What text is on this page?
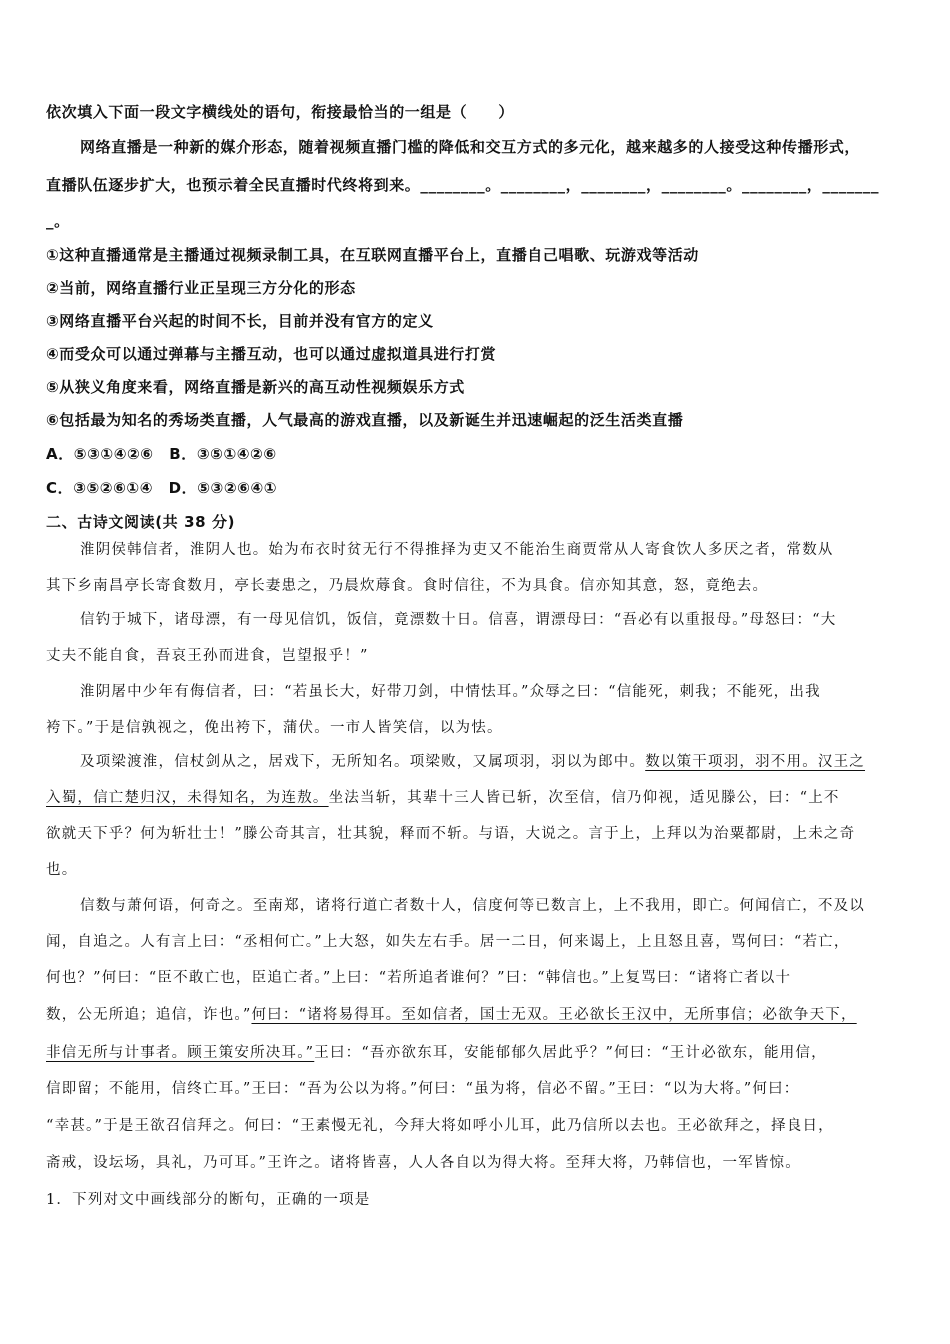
依次填入下面一段文字横线处的语句，衔接最恰当的一组是（　　）
网络直播是一种新的媒介形态，随着视频直播门槛的降低和交互方式的多元化，越来越多的人接受这种传播形式，
直播队伍逐步扩大，也预示着全民直播时代终将到来。________。________，________，________。________，_______
_。
①这种直播通常是主播通过视频录制工具，在互联网直播平台上，直播自己唱歌、玩游戏等活动
②当前，网络直播行业正呈现三方分化的形态
③网络直播平台兴起的时间不长，目前并没有官方的定义
④而受众可以通过弹幕与主播互动，也可以通过虚拟道具进行打赏
⑤从狭义角度来看，网络直播是新兴的高互动性视频娱乐方式
⑥包括最为知名的秀场类直播，人气最高的游戏直播，以及新诞生并迅速崛起的泛生活类直播
A．⑤③①④②⑥　B．③⑤①④②⑥
C．③⑤②⑥①④　D．⑤③②⑥④①
二、古诗文阅读(共 38 分)
淮阴侯韩信者，淮阴人也。始为布衣时贫无行不得推择为吏又不能治生商贾常从人寄食饮人多厌之者，常数从
其下乡南昌亭长寄食数月，亭长妻患之，乃晨炊蓐食。食时信往，不为具食。信亦知其意，怒，竟绝去。
信钓于城下，诸母漂，有一母见信饥，饭信，竟漂数十日。信喜，谓漂母曰：“吾必有以重报母。”母怒曰：“大
丈夫不能自食，吾哀王孙而进食，岂望报乎！”
淮阴屠中少年有侮信者，曰：“若虽长大，好带刀剑，中情怯耳。”众辱之曰：“信能死，刺我；不能死，出我
袴下。”于是信孰视之，俛出袴下，蒲伏。一市人皆笑信，以为怯。
及项梁渡淮，信杖剑从之，居戏下，无所知名。项梁败，又属项羽，羽以为郎中。数以策干项羽，羽不用。汉王之
入蜀，信亡楚归汉，未得知名，为连敖。坐法当斩，其辈十三人皆已斩，次至信，信乃仰视，适见滕公，曰：“上不
欲就天下乎？何为斩壮士！”滕公奇其言，壮其貌，释而不斩。与语，大说之。言于上，上拜以为治粟都尉，上未之奇
也。
信数与萧何语，何奇之。至南郑，诸将行道亡者数十人，信度何等已数言上，上不我用，即亡。何闻信亡，不及以
闻，自追之。人有言上曰：“丞相何亡。”上大怒，如失左右手。居一二日，何来谒上，上且怒且喜，骂何曰：“若亡，
何也？”何曰：“臣不敢亡也，臣追亡者。”上曰：“若所追者谁何？”曰：“韩信也。”上复骂曰：“诸将亡者以十
数，公无所追；追信，诈也。”何曰：“诸将易得耳。至如信者，国士无双。王必欲长王汉中，无所事信；必欲争天下，
非信无所与计事者。顾王策安所决耳。”王曰：“吾亦欲东耳，安能郁郁久居此乎？”何曰：“王计必欲东，能用信，
信即留；不能用，信终亡耳。”王曰：“吾为公以为将。”何曰：“虽为将，信必不留。”王曰：“以为大将。”何曰：
“幸甚。”于是王欲召信拜之。何曰：“王素慢无礼，今拜大将如呼小儿耳，此乃信所以去也。王必欲拜之，择良日，
斋戒，设坛场，具礼，乃可耳。”王许之。诸将皆喜，人人各自以为得大将。至拜大将，乃韩信也，一军皆惊。
1．下列对文中画线部分的断句，正确的一项是
